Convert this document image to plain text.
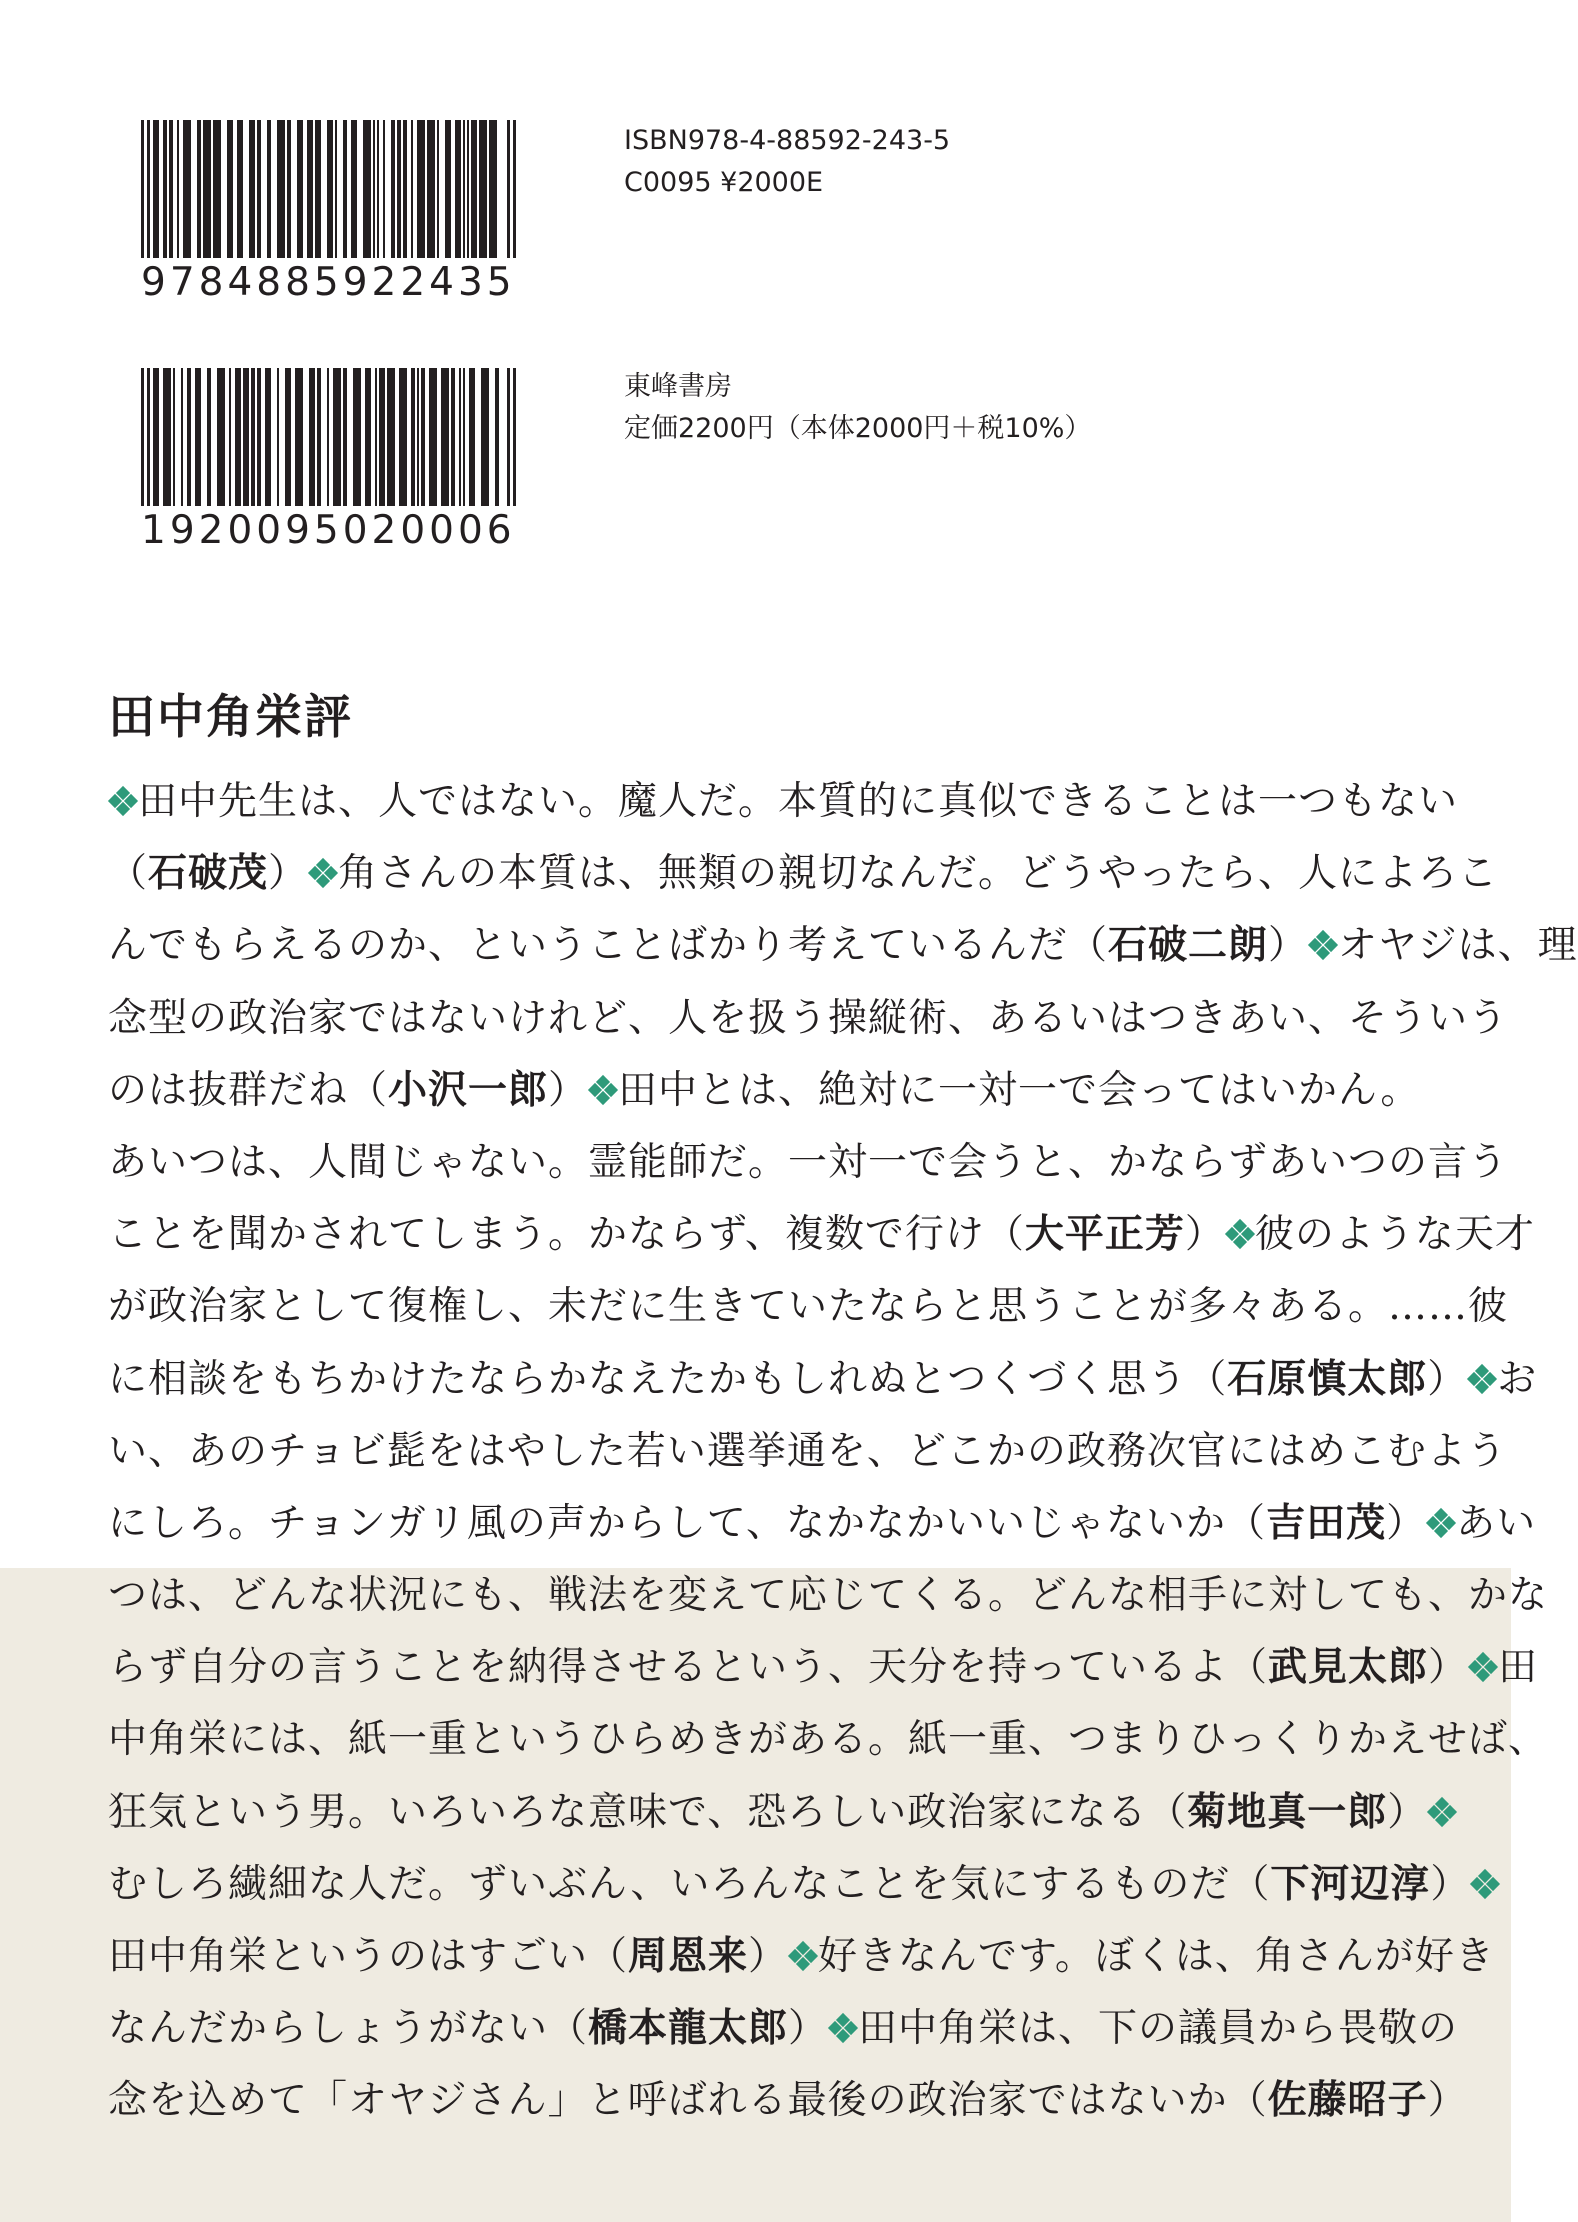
9784885922435
1920095020006
ISBN978-4-88592-243-5
C0095 ¥2000E
東峰書房
定価2200円（本体2000円＋税10%）
田中角栄評
田中先生は、人ではない。魔人だ。本質的に真似できることは一つもない
（石破茂） 角さんの本質は、無類の親切なんだ。どうやったら、人によろこ
んでもらえるのか、ということばかり考えているんだ（石破二朗） オヤジは、理
念型の政治家ではないけれど、人を扱う操縦術、あるいはつきあい、そういう
のは抜群だね（小沢一郎） 田中とは、絶対に一対一で会ってはいかん。
あいつは、人間じゃない。霊能師だ。一対一で会うと、かならずあいつの言う
ことを聞かされてしまう。かならず、複数で行け（大平正芳） 彼のような天才
が政治家として復権し、未だに生きていたならと思うことが多々ある。……彼
に相談をもちかけたならかなえたかもしれぬとつくづく思う（石原慎太郎） お
い、あのチョビ髭をはやした若い選挙通を、どこかの政務次官にはめこむよう
にしろ。チョンガリ風の声からして、なかなかいいじゃないか（吉田茂） あい
つは、どんな状況にも、戦法を変えて応じてくる。どんな相手に対しても、かな
らず自分の言うことを納得させるという、天分を持っているよ（武見太郎） 田
中角栄には、紙一重というひらめきがある。紙一重、つまりひっくりかえせば、
狂気という男。いろいろな意味で、恐ろしい政治家になる（菊地真一郎）
むしろ繊細な人だ。ずいぶん、いろんなことを気にするものだ（下河辺淳）
田中角栄というのはすごい（周恩来） 好きなんです。ぼくは、角さんが好き
なんだからしょうがない（橋本龍太郎） 田中角栄は、下の議員から畏敬の
念を込めて「オヤジさん」と呼ばれる最後の政治家ではないか（佐藤昭子）
